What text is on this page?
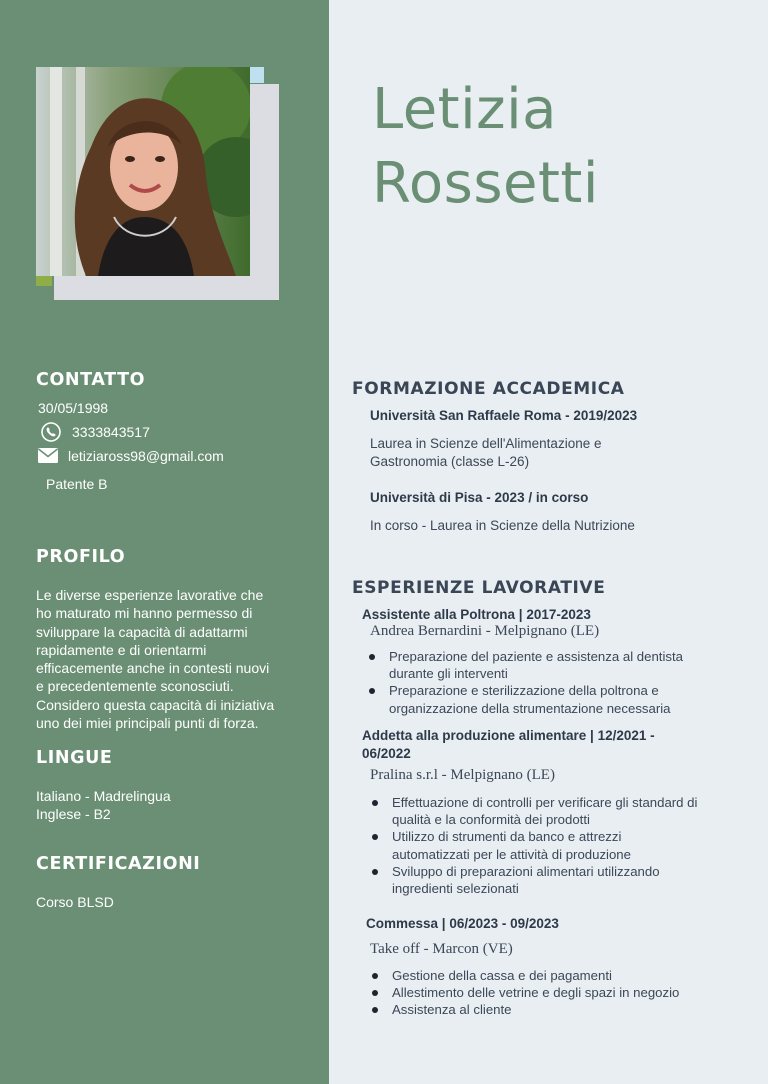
CONTATTO
30/05/1998
3333843517
letiziaross98@gmail.com
Patente B
PROFILO
Le diverse esperienze lavorative che
ho maturato mi hanno permesso di
sviluppare la capacità di adattarmi
rapidamente e di orientarmi
efficacemente anche in contesti nuovi
e precedentemente sconosciuti.
Considero questa capacità di iniziativa
uno dei miei principali punti di forza.
LINGUE
Italiano - Madrelingua
Inglese - B2
CERTIFICAZIONI
Corso BLSD
Letizia
Rossetti
FORMAZIONE ACCADEMICA
Università San Raffaele Roma - 2019/2023
Laurea in Scienze dell'Alimentazione e
Gastronomia (classe L-26)
Università di Pisa - 2023 / in corso
In corso - Laurea in Scienze della Nutrizione
ESPERIENZE LAVORATIVE
Assistente alla Poltrona | 2017-2023
Andrea Bernardini - Melpignano (LE)
Preparazione del paziente e assistenza al dentista
durante gli interventi
Preparazione e sterilizzazione della poltrona e
organizzazione della strumentazione necessaria
Addetta alla produzione alimentare | 12/2021 -
06/2022
Pralina s.r.l - Melpignano (LE)
Effettuazione di controlli per verificare gli standard di
qualità e la conformità dei prodotti
Utilizzo di strumenti da banco e attrezzi
automatizzati per le attività di produzione
Sviluppo di preparazioni alimentari utilizzando
ingredienti selezionati
Commessa | 06/2023 - 09/2023
Take off - Marcon (VE)
Gestione della cassa e dei pagamenti
Allestimento delle vetrine e degli spazi in negozio
Assistenza al cliente
